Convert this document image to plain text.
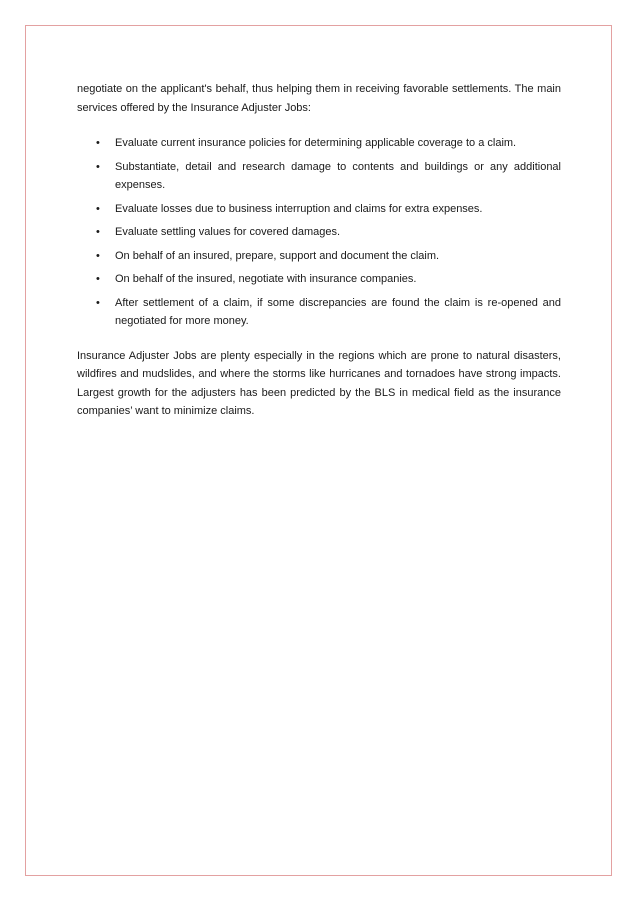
negotiate on the applicant's behalf, thus helping them in receiving favorable settlements. The main services offered by the Insurance Adjuster Jobs:

• Evaluate current insurance policies for determining applicable coverage to a claim.
• Substantiate, detail and research damage to contents and buildings or any additional expenses.
• Evaluate losses due to business interruption and claims for extra expenses.
• Evaluate settling values for covered damages.
• On behalf of an insured, prepare, support and document the claim.
• On behalf of the insured, negotiate with insurance companies.
• After settlement of a claim, if some discrepancies are found the claim is re-opened and negotiated for more money.

Insurance Adjuster Jobs are plenty especially in the regions which are prone to natural disasters, wildfires and mudslides, and where the storms like hurricanes and tornadoes have strong impacts. Largest growth for the adjusters has been predicted by the BLS in medical field as the insurance companies’ want to minimize claims.
